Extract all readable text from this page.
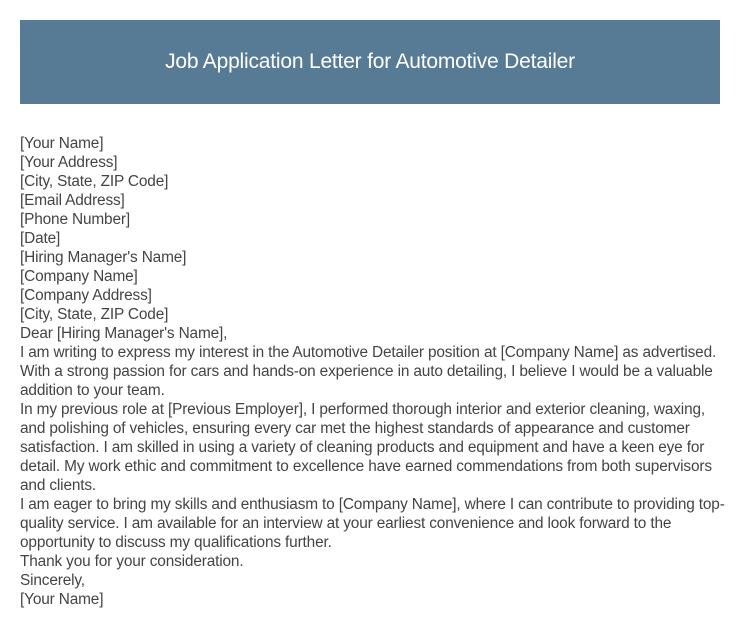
Job Application Letter for Automotive Detailer

[Your Name]

[Your Address]

[City, State, ZIP Code]

[Email Address]

[Phone Number]

[Date]

[Hiring Manager's Name]

[Company Name]

[Company Address]

[City, State, ZIP Code]

Dear [Hiring Manager's Name],

I am writing to express my interest in the Automotive Detailer position at [Company Name] as advertised. With a strong passion for cars and hands-on experience in auto detailing, I believe I would be a valuable addition to your team.

In my previous role at [Previous Employer], I performed thorough interior and exterior cleaning, waxing, and polishing of vehicles, ensuring every car met the highest standards of appearance and customer satisfaction. I am skilled in using a variety of cleaning products and equipment and have a keen eye for detail. My work ethic and commitment to excellence have earned commendations from both supervisors and clients.

I am eager to bring my skills and enthusiasm to [Company Name], where I can contribute to providing top-quality service. I am available for an interview at your earliest convenience and look forward to the opportunity to discuss my qualifications further.

Thank you for your consideration.

Sincerely,

[Your Name]
